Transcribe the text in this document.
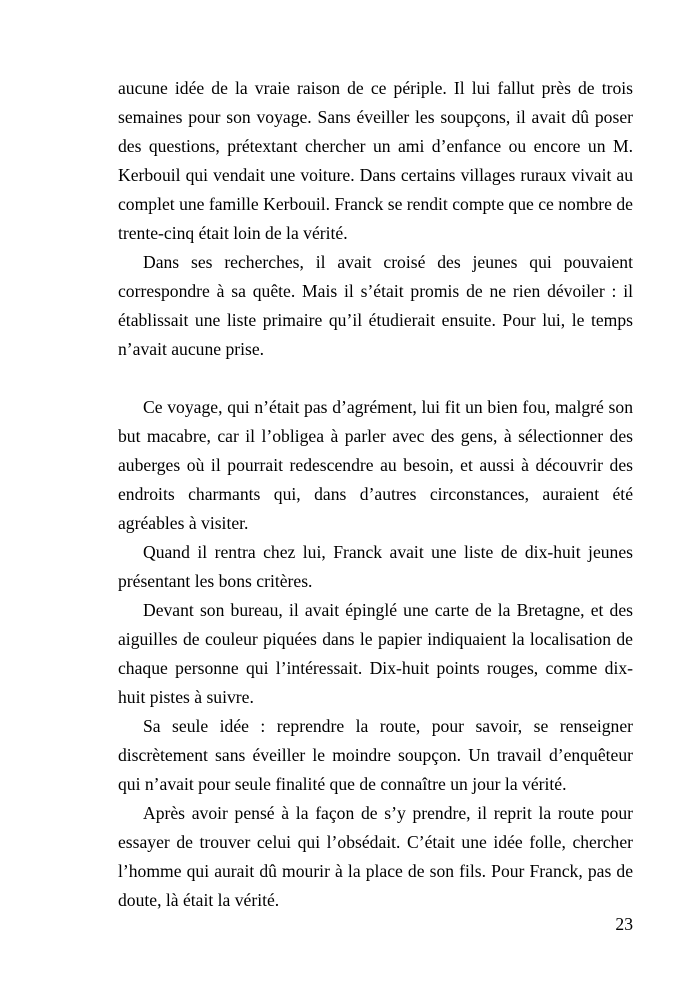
aucune idée de la vraie raison de ce périple. Il lui fallut près de trois semaines pour son voyage. Sans éveiller les soupçons, il avait dû poser des questions, prétextant chercher un ami d’enfance ou encore un M. Kerbouil qui vendait une voiture. Dans certains villages ruraux vivait au complet une famille Kerbouil. Franck se rendit compte que ce nombre de trente-cinq était loin de la vérité.

Dans ses recherches, il avait croisé des jeunes qui pouvaient correspondre à sa quête. Mais il s’était promis de ne rien dévoiler : il établissait une liste primaire qu’il étudierait ensuite. Pour lui, le temps n’avait aucune prise.

Ce voyage, qui n’était pas d’agrément, lui fit un bien fou, malgré son but macabre, car il l’obligea à parler avec des gens, à sélectionner des auberges où il pourrait redescendre au besoin, et aussi à découvrir des endroits charmants qui, dans d’autres circonstances, auraient été agréables à visiter.

Quand il rentra chez lui, Franck avait une liste de dix-huit jeunes présentant les bons critères.

Devant son bureau, il avait épinglé une carte de la Bretagne, et des aiguilles de couleur piquées dans le papier indiquaient la localisation de chaque personne qui l’intéressait. Dix-huit points rouges, comme dix-huit pistes à suivre.

Sa seule idée : reprendre la route, pour savoir, se renseigner discrètement sans éveiller le moindre soupçon. Un travail d’enquêteur qui n’avait pour seule finalité que de connaître un jour la vérité.

Après avoir pensé à la façon de s’y prendre, il reprit la route pour essayer de trouver celui qui l’obsédait. C’était une idée folle, chercher l’homme qui aurait dû mourir à la place de son fils. Pour Franck, pas de doute, là était la vérité.

23
